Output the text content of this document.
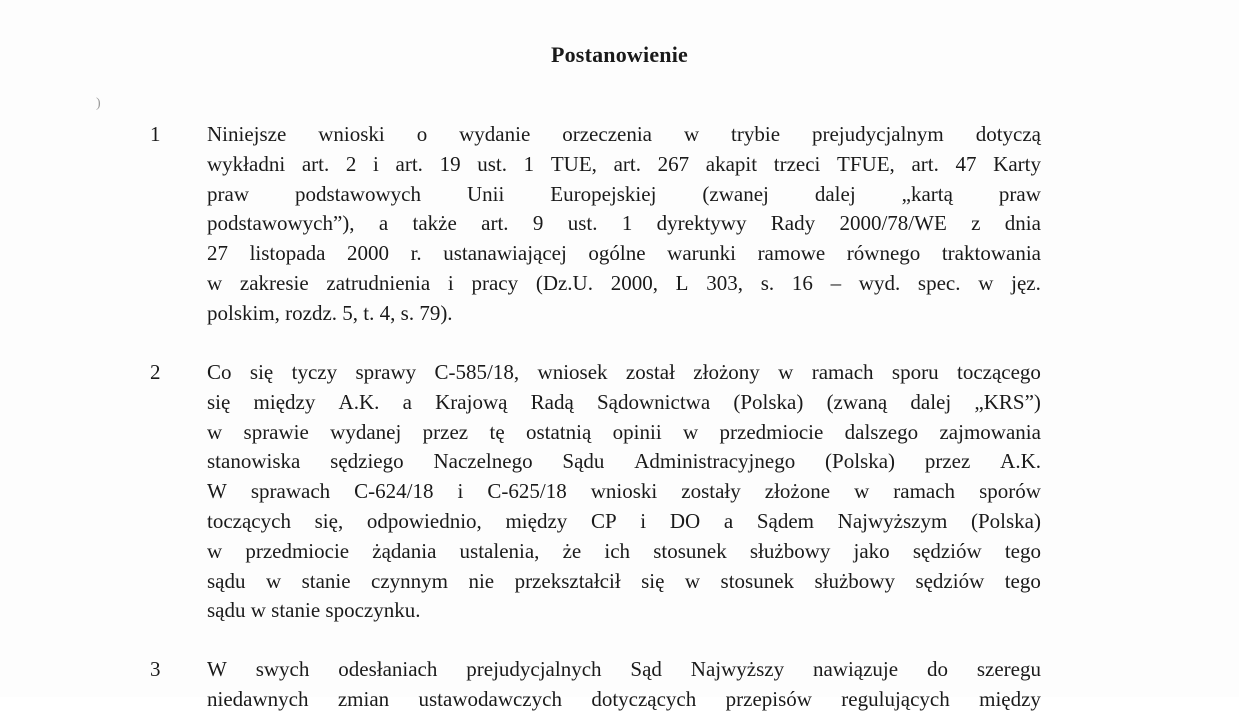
)
Postanowienie
1 Niniejsze wnioski o wydanie orzeczenia w trybie prejudycjalnym dotyczą
wykładni art. 2 i art. 19 ust. 1 TUE, art. 267 akapit trzeci TFUE, art. 47 Karty
praw podstawowych Unii Europejskiej (zwanej dalej „kartą praw
podstawowych”), a także art. 9 ust. 1 dyrektywy Rady 2000/78/WE z dnia
27 listopada 2000 r. ustanawiającej ogólne warunki ramowe równego traktowania
w zakresie zatrudnienia i pracy (Dz.U. 2000, L 303, s. 16 – wyd. spec. w jęz.
polskim, rozdz. 5, t. 4, s. 79).
2 Co się tyczy sprawy C-585/18, wniosek został złożony w ramach sporu toczącego
się między A.K. a Krajową Radą Sądownictwa (Polska) (zwaną dalej „KRS”)
w sprawie wydanej przez tę ostatnią opinii w przedmiocie dalszego zajmowania
stanowiska sędziego Naczelnego Sądu Administracyjnego (Polska) przez A.K.
W sprawach C-624/18 i C-625/18 wnioski zostały złożone w ramach sporów
toczących się, odpowiednio, między CP i DO a Sądem Najwyższym (Polska)
w przedmiocie żądania ustalenia, że ich stosunek służbowy jako sędziów tego
sądu w stanie czynnym nie przekształcił się w stosunek służbowy sędziów tego
sądu w stanie spoczynku.
3 W swych odesłaniach prejudycjalnych Sąd Najwyższy nawiązuje do szeregu
niedawnych zmian ustawodawczych dotyczących przepisów regulujących między
